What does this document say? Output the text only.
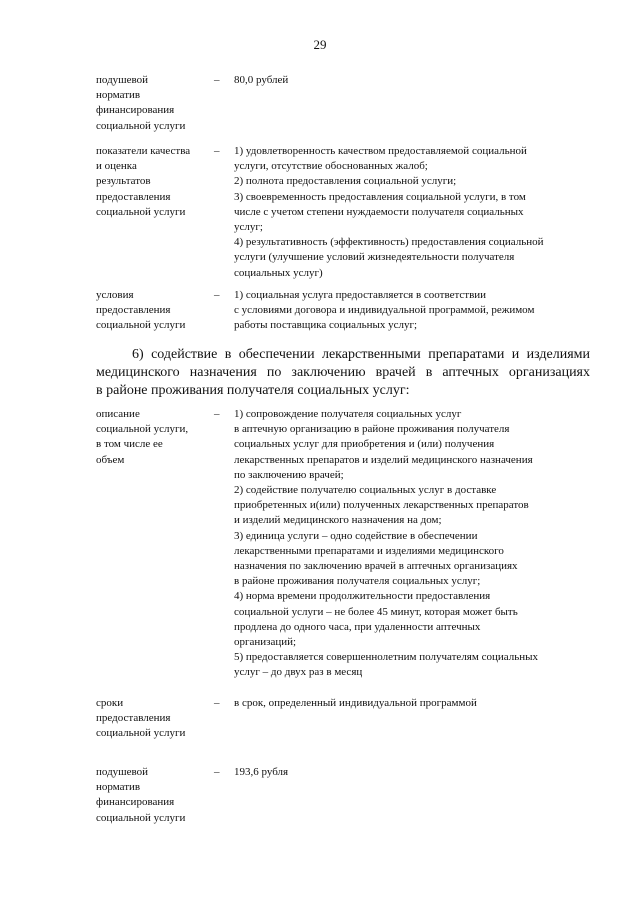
29

подушевой

норматив

финансирования

социальной услуги

– 80,0 рублей

показатели качества

и оценка

результатов

предоставления

социальной услуги

– 1) удовлетворенность качеством предоставляемой социальной

услуги, отсутствие обоснованных жалоб;

2) полнота предоставления социальной услуги;

3) своевременность предоставления социальной услуги, в том

числе с учетом степени нуждаемости получателя социальных

услуг;

4) результативность (эффективность) предоставления социальной

услуги (улучшение условий жизнедеятельности получателя

социальных услуг)

условия

предоставления

социальной услуги

– 1) социальная услуга предоставляется в соответствии

с условиями договора и индивидуальной программой, режимом

работы поставщика социальных услуг;

6) содействие в обеспечении лекарственными препаратами и изделиями
медицинского назначения по заключению врачей в аптечных организациях
в районе проживания получателя социальных услуг:

описание

социальной услуги,

в том числе ее

объем

– 1) сопровождение получателя социальных услуг

в аптечную организацию в районе проживания получателя

социальных услуг для приобретения и (или) получения

лекарственных препаратов и изделий медицинского назначения

по заключению врачей;

2) содействие получателю социальных услуг в доставке

приобретенных и(или) полученных лекарственных препаратов

и изделий медицинского назначения на дом;

3) единица услуги – одно содействие в обеспечении

лекарственными препаратами и изделиями медицинского

назначения по заключению врачей в аптечных организациях

в районе проживания получателя социальных услуг;

4) норма времени продолжительности предоставления

социальной услуги – не более 45 минут, которая может быть

продлена до одного часа, при удаленности аптечных

организаций;

5) предоставляется совершеннолетним получателям социальных

услуг – до двух раз в месяц

сроки

предоставления

социальной услуги

– в срок, определенный индивидуальной программой

подушевой

норматив

финансирования

социальной услуги

– 193,6 рубля
